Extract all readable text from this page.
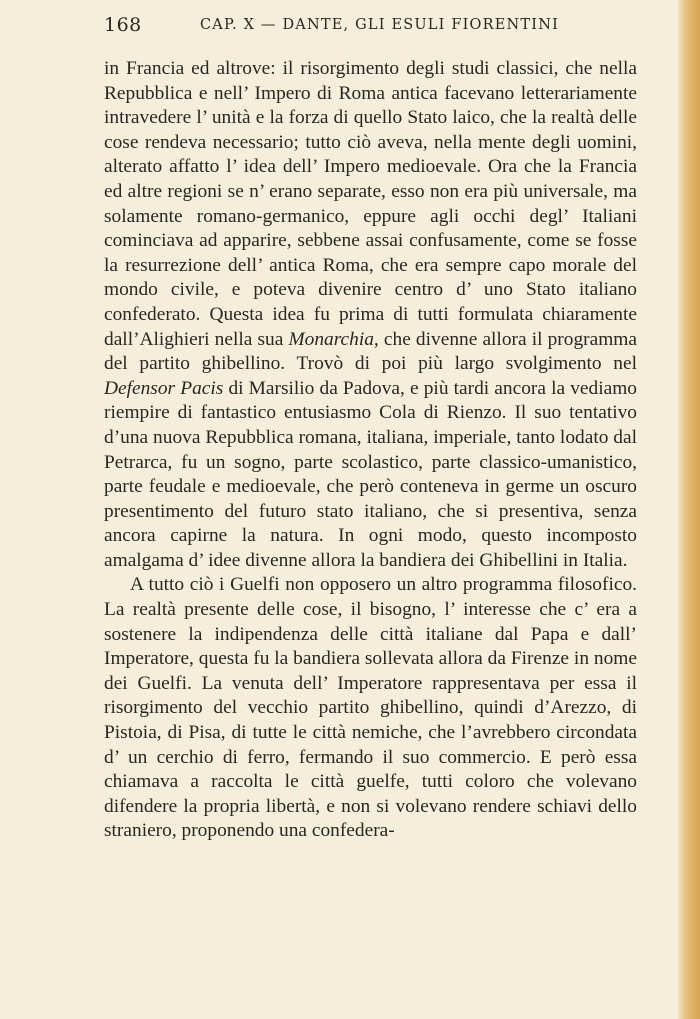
168	CAP. X — DANTE, GLI ESULI FIORENTINI

in Francia ed altrove: il risorgimento degli studi classici, che nella Repubblica e nell’ Impero di Roma antica facevano letterariamente intravedere l’ unità e la forza di quello Stato laico, che la realtà delle cose rendeva necessario; tutto ciò aveva, nella mente degli uomini, alterato affatto l’ idea dell’ Impero medioevale. Ora che la Francia ed altre regioni se n’ erano separate, esso non era più universale, ma solamente romano-germanico, eppure agli occhi degl’ Italiani cominciava ad apparire, sebbene assai confusamente, come se fosse la resurrezione dell’ antica Roma, che era sempre capo morale del mondo civile, e poteva divenire centro d’ uno Stato italiano confederato. Questa idea fu prima di tutti formulata chiaramente dall’Alighieri nella sua Monarchia, che divenne allora il programma del partito ghibellino. Trovò di poi più largo svolgimento nel Defensor Pacis di Marsilio da Padova, e più tardi ancora la vediamo riempire di fantastico entusiasmo Cola di Rienzo. Il suo tentativo d’una nuova Repubblica romana, italiana, imperiale, tanto lodato dal Petrarca, fu un sogno, parte scolastico, parte classico-umanistico, parte feudale e medioevale, che però conteneva in germe un oscuro presentimento del futuro stato italiano, che si presentiva, senza ancora capirne la natura. In ogni modo, questo incomposto amalgama d’ idee divenne allora la bandiera dei Ghibellini in Italia.

A tutto ciò i Guelfi non opposero un altro programma filosofico. La realtà presente delle cose, il bisogno, l’ interesse che c’ era a sostenere la indipendenza delle città italiane dal Papa e dall’ Imperatore, questa fu la bandiera sollevata allora da Firenze in nome dei Guelfi. La venuta dell’ Imperatore rappresentava per essa il risorgimento del vecchio partito ghibellino, quindi d’Arezzo, di Pistoia, di Pisa, di tutte le città nemiche, che l’avrebbero circondata d’ un cerchio di ferro, fermando il suo commercio. E però essa chiamava a raccolta le città guelfe, tutti coloro che volevano difendere la propria libertà, e non si volevano rendere schiavi dello straniero, proponendo una confedera-
